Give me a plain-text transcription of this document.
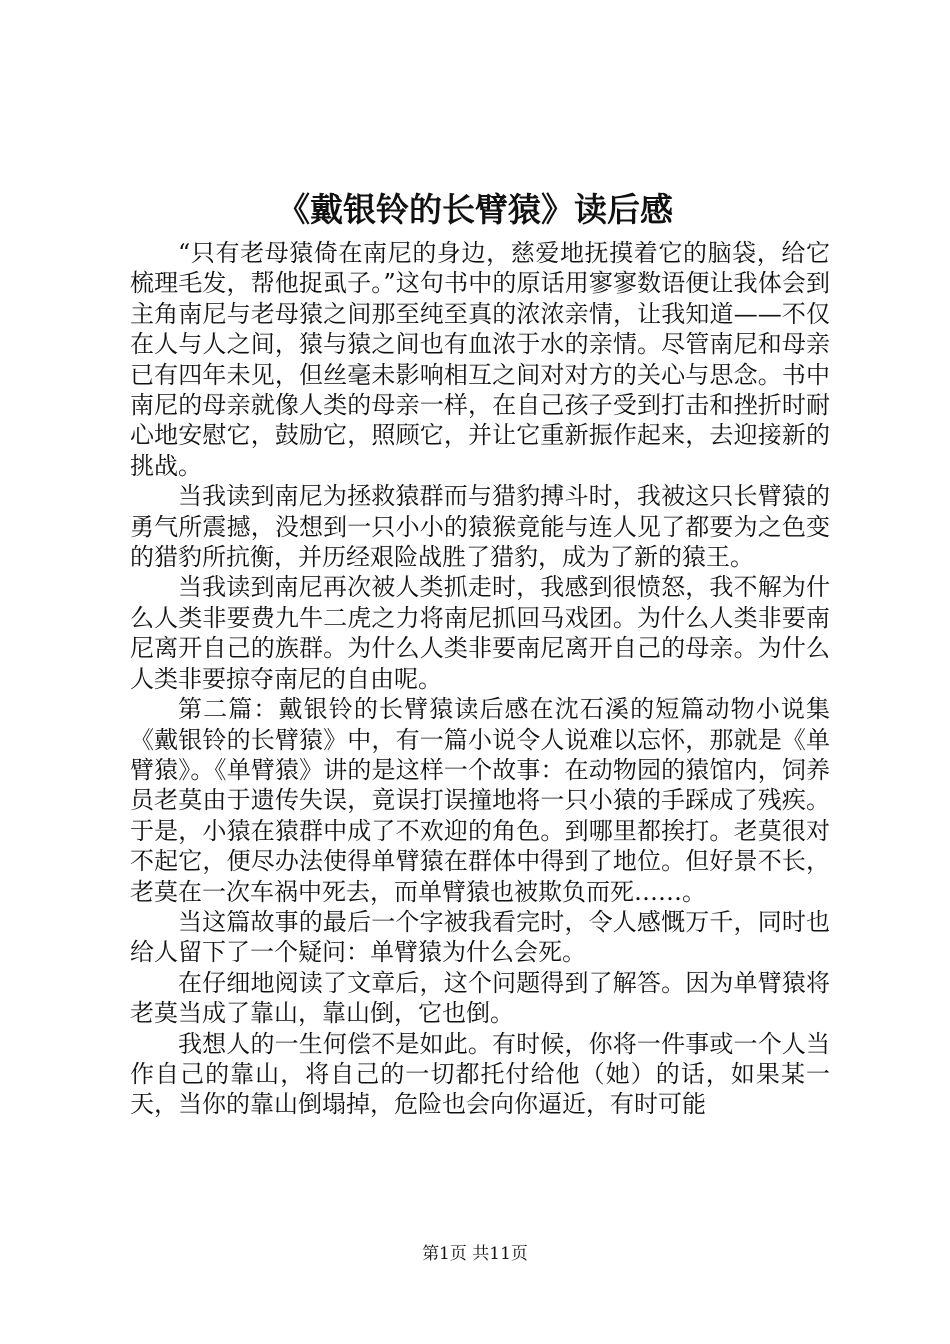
《戴银铃的长臂猿》读后感

“只有老母猿倚在南尼的身边，慈爱地抚摸着它的脑袋，给它梳理毛发，帮他捉虱子。”这句书中的原话用寥寥数语便让我体会到主角南尼与老母猿之间那至纯至真的浓浓亲情，让我知道——不仅在人与人之间，猿与猿之间也有血浓于水的亲情。尽管南尼和母亲已有四年未见，但丝毫未影响相互之间对对方的关心与思念。书中南尼的母亲就像人类的母亲一样，在自己孩子受到打击和挫折时耐心地安慰它，鼓励它，照顾它，并让它重新振作起来，去迎接新的挑战。

当我读到南尼为拯救猿群而与猎豹搏斗时，我被这只长臂猿的勇气所震撼，没想到一只小小的猿猴竟能与连人见了都要为之色变的猎豹所抗衡，并历经艰险战胜了猎豹，成为了新的猿王。

当我读到南尼再次被人类抓走时，我感到很愤怒，我不解为什么人类非要费九牛二虎之力将南尼抓回马戏团。为什么人类非要南尼离开自己的族群。为什么人类非要南尼离开自己的母亲。为什么人类非要掠夺南尼的自由呢。

第二篇：戴银铃的长臂猿读后感在沈石溪的短篇动物小说集《戴银铃的长臂猿》中，有一篇小说令人说难以忘怀，那就是《单臂猿》。《单臂猿》讲的是这样一个故事：在动物园的猿馆内，饲养员老莫由于遗传失误，竟误打误撞地将一只小猿的手踩成了残疾。于是，小猿在猿群中成了不欢迎的角色。到哪里都挨打。老莫很对不起它，便尽办法使得单臂猿在群体中得到了地位。但好景不长，老莫在一次车祸中死去，而单臂猿也被欺负而死……。

当这篇故事的最后一个字被我看完时，令人感慨万千，同时也给人留下了一个疑问：单臂猿为什么会死。

在仔细地阅读了文章后，这个问题得到了解答。因为单臂猿将老莫当成了靠山，靠山倒，它也倒。

我想人的一生何偿不是如此。有时候，你将一件事或一个人当作自己的靠山，将自己的一切都托付给他（她）的话，如果某一天，当你的靠山倒塌掉，危险也会向你逼近，有时可能

第1页 共11页
